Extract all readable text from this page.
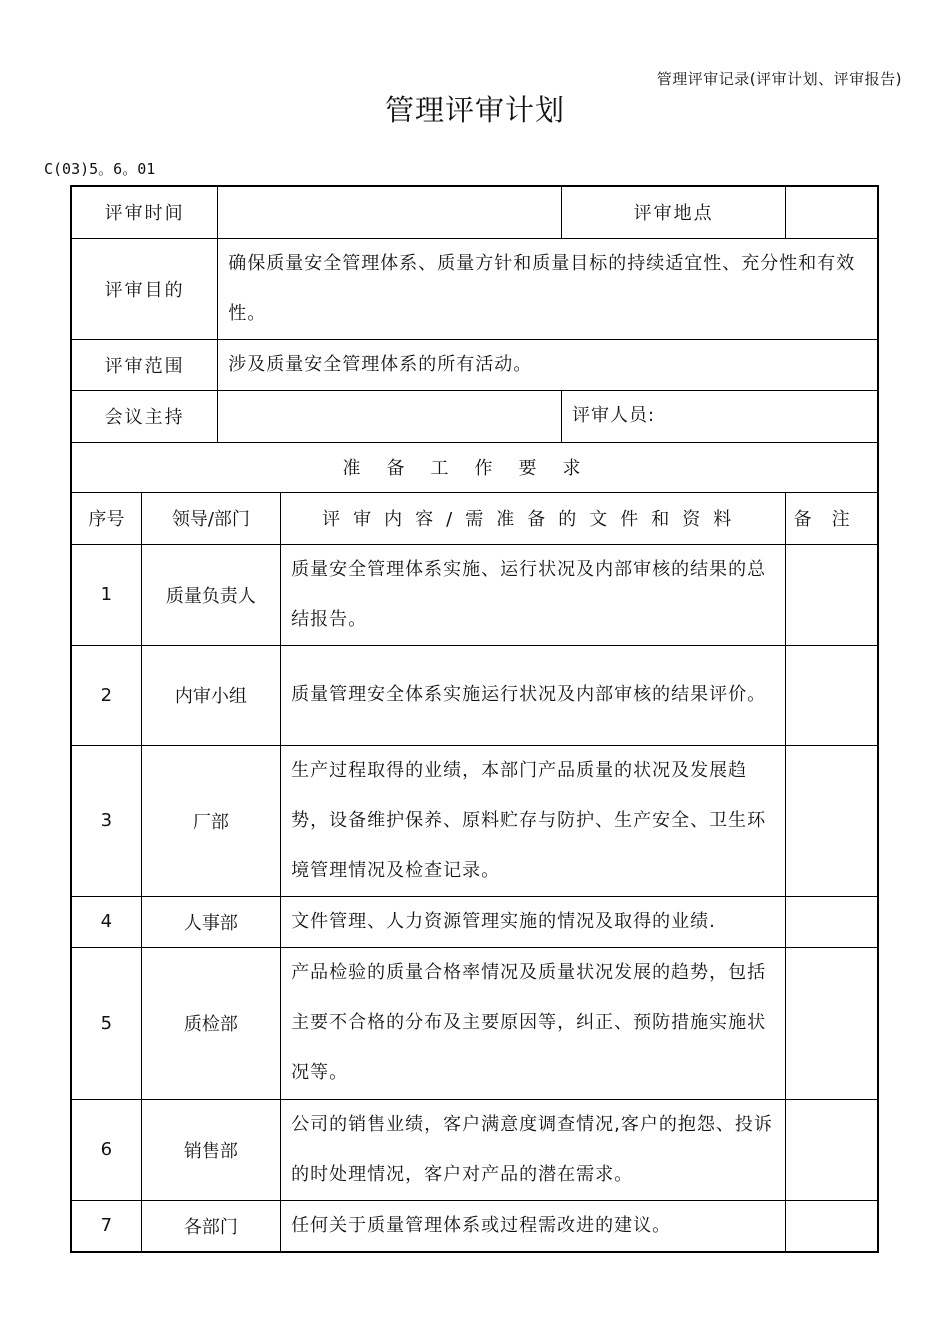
管理评审记录(评审计划、评审报告)
管理评审计划
C(03)5。6。01
评审时间				评审地点	
评审目的		确保质量安全管理体系、质量方针和质量目标的持续适宜性、充分性和有效性。			
评审范围		涉及质量安全管理体系的所有活动。			
会议主持				评审人员:	
准备工作要求					
序号	领导/部门		评审内容/需准备的文件和资料		备注
1	质量负责人		质量安全管理体系实施、运行状况及内部审核的结果的总结报告。		
2	内审小组		质量管理安全体系实施运行状况及内部审核的结果评价。		
3	厂部		生产过程取得的业绩，本部门产品质量的状况及发展趋势，设备维护保养、原料贮存与防护、生产安全、卫生环境管理情况及检查记录。		
4	人事部		文件管理、人力资源管理实施的情况及取得的业绩.		
5	质检部		产品检验的质量合格率情况及质量状况发展的趋势，包括主要不合格的分布及主要原因等，纠正、预防措施实施状况等。		
6	销售部		公司的销售业绩，客户满意度调查情况,客户的抱怨、投诉的时处理情况，客户对产品的潜在需求。		
7	各部门		任何关于质量管理体系或过程需改进的建议。		
